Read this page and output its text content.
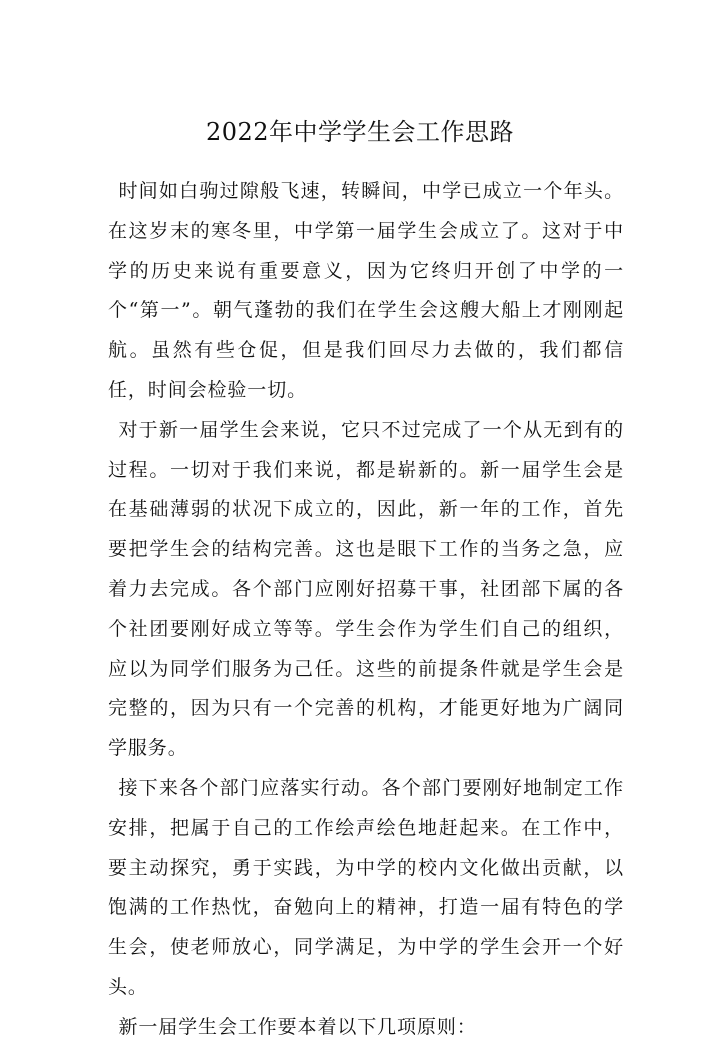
2022年中学学生会工作思路

时间如白驹过隙般飞速，转瞬间，中学已成立一个年头。在这岁末的寒冬里，中学第一届学生会成立了。这对于中学的历史来说有重要意义，因为它终归开创了中学的一个“第一”。朝气蓬勃的我们在学生会这艘大船上才刚刚起航。虽然有些仓促，但是我们回尽力去做的，我们都信任，时间会检验一切。

对于新一届学生会来说，它只不过完成了一个从无到有的过程。一切对于我们来说，都是崭新的。新一届学生会是在基础薄弱的状况下成立的，因此，新一年的工作，首先要把学生会的结构完善。这也是眼下工作的当务之急，应着力去完成。各个部门应刚好招募干事，社团部下属的各个社团要刚好成立等等。学生会作为学生们自己的组织，应以为同学们服务为己任。这些的前提条件就是学生会是完整的，因为只有一个完善的机构，才能更好地为广阔同学服务。

接下来各个部门应落实行动。各个部门要刚好地制定工作安排，把属于自己的工作绘声绘色地赶起来。在工作中，要主动探究，勇于实践，为中学的校内文化做出贡献，以饱满的工作热忱，奋勉向上的精神，打造一届有特色的学生会，使老师放心，同学满足，为中学的学生会开一个好头。

新一届学生会工作要本着以下几项原则：
